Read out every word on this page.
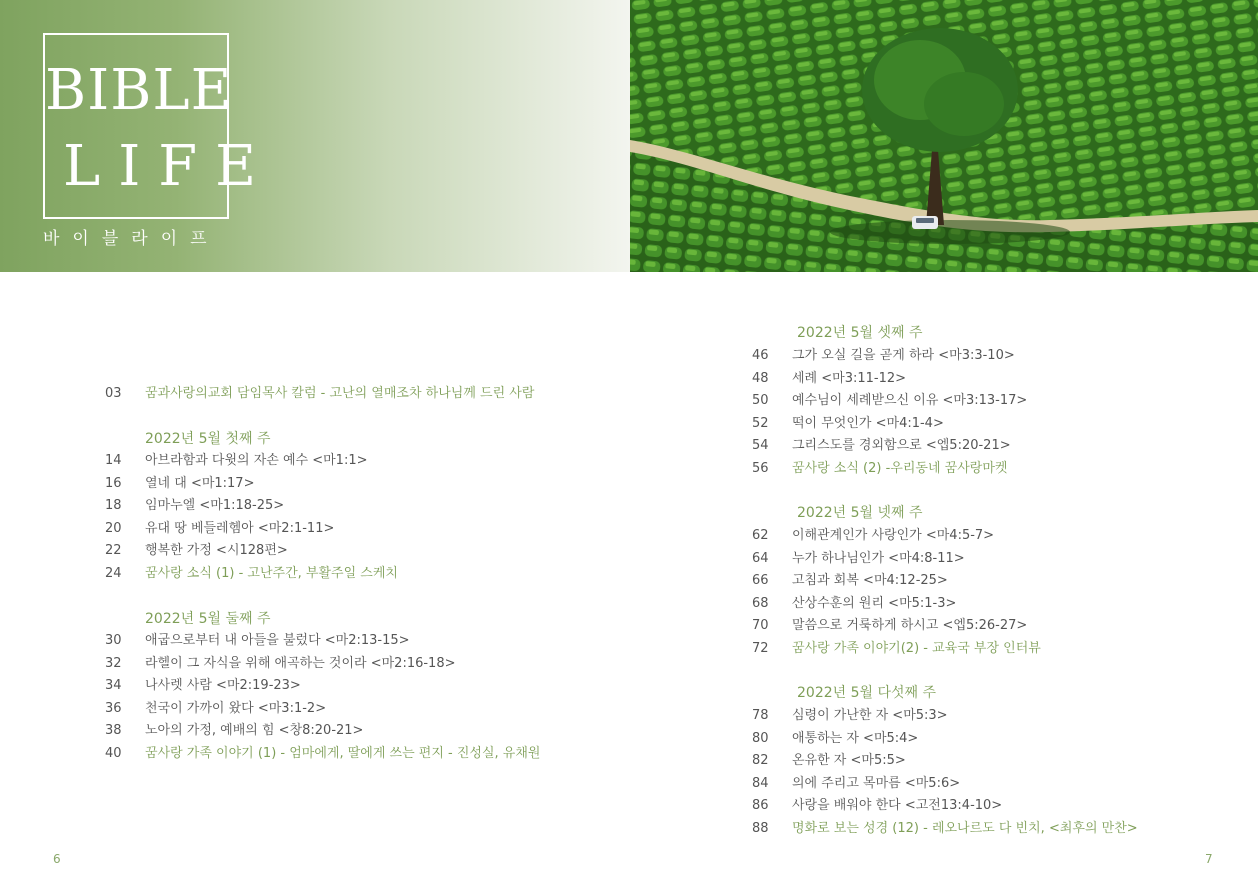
BIBLE
LIFE
바이블라이프
03	꿈과사랑의교회 담임목사 칼럼 - 고난의 열매조차 하나님께 드린 사람
2022년 5월 첫째 주
14	아브라함과 다윗의 자손 예수 <마1:1>
16	열네 대 <마1:17>
18	임마누엘 <마1:18-25>
20	유대 땅 베들레헴아 <마2:1-11>
22	행복한 가정 <시128편>
24	꿈사랑 소식 (1) - 고난주간, 부활주일 스케치
2022년 5월 둘째 주
30	애굽으로부터 내 아들을 불렀다 <마2:13-15>
32	라헬이 그 자식을 위해 애곡하는 것이라 <마2:16-18>
34	나사렛 사람 <마2:19-23>
36	천국이 가까이 왔다 <마3:1-2>
38	노아의 가정, 예배의 힘 <창8:20-21>
40	꿈사랑 가족 이야기 (1) - 엄마에게, 딸에게 쓰는 편지 - 진성실, 유채원
6
2022년 5월 셋째 주
46	그가 오실 길을 곧게 하라 <마3:3-10>
48	세례 <마3:11-12>
50	예수님이 세례받으신 이유 <마3:13-17>
52	떡이 무엇인가 <마4:1-4>
54	그리스도를 경외함으로 <엡5:20-21>
56	꿈사랑 소식 (2) -우리동네 꿈사랑마켓
2022년 5월 넷째 주
62	이해관계인가 사랑인가 <마4:5-7>
64	누가 하나님인가 <마4:8-11>
66	고침과 회복 <마4:12-25>
68	산상수훈의 원리 <마5:1-3>
70	말씀으로 거룩하게 하시고 <엡5:26-27>
72	꿈사랑 가족 이야기(2) - 교육국 부장 인터뷰
2022년 5월 다섯째 주
78	심령이 가난한 자 <마5:3>
80	애통하는 자 <마5:4>
82	온유한 자 <마5:5>
84	의에 주리고 목마름 <마5:6>
86	사랑을 배워야 한다 <고전13:4-10>
88	명화로 보는 성경 (12) - 레오나르도 다 빈치, <최후의 만찬>
7
